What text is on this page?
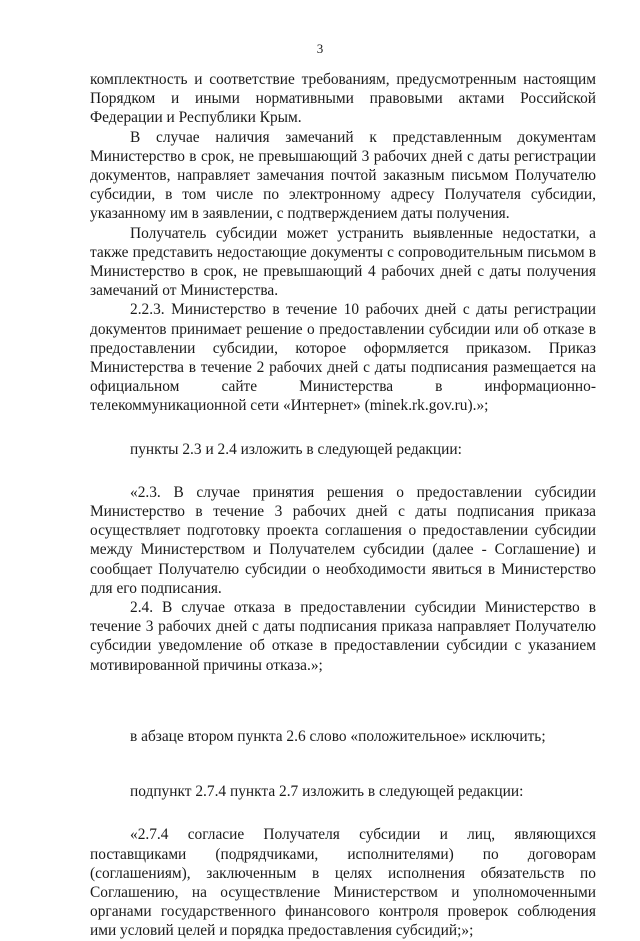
3

комплектность и соответствие требованиям, предусмотренным настоящим Порядком и иными нормативными правовыми актами Российской Федерации и Республики Крым.

В случае наличия замечаний к представленным документам Министерство в срок, не превышающий 3 рабочих дней с даты регистрации документов, направляет замечания почтой заказным письмом Получателю субсидии, в том числе по электронному адресу Получателя субсидии, указанному им в заявлении, с подтверждением даты получения.

Получатель субсидии может устранить выявленные недостатки, а также представить недостающие документы с сопроводительным письмом в Министерство в срок, не превышающий 4 рабочих дней с даты получения замечаний от Министерства.

2.2.3. Министерство в течение 10 рабочих дней с даты регистрации документов принимает решение о предоставлении субсидии или об отказе в предоставлении субсидии, которое оформляется приказом. Приказ Министерства в течение 2 рабочих дней с даты подписания размещается на официальном сайте Министерства в информационно-телекоммуникационной сети «Интернет» (minek.rk.gov.ru).»;

пункты 2.3 и 2.4 изложить в следующей редакции:

«2.3. В случае принятия решения о предоставлении субсидии Министерство в течение 3 рабочих дней с даты подписания приказа осуществляет подготовку проекта соглашения о предоставлении субсидии между Министерством и Получателем субсидии (далее - Соглашение) и сообщает Получателю субсидии о необходимости явиться в Министерство для его подписания.

2.4. В случае отказа в предоставлении субсидии Министерство в течение 3 рабочих дней с даты подписания приказа направляет Получателю субсидии уведомление об отказе в предоставлении субсидии с указанием мотивированной причины отказа.»;

в абзаце втором пункта 2.6 слово «положительное» исключить;

подпункт 2.7.4 пункта 2.7 изложить в следующей редакции:

«2.7.4 согласие Получателя субсидии и лиц, являющихся поставщиками (подрядчиками, исполнителями) по договорам (соглашениям), заключенным в целях исполнения обязательств по Соглашению, на осуществление Министерством и уполномоченными органами государственного финансового контроля проверок соблюдения ими условий целей и порядка предоставления субсидий;»;
